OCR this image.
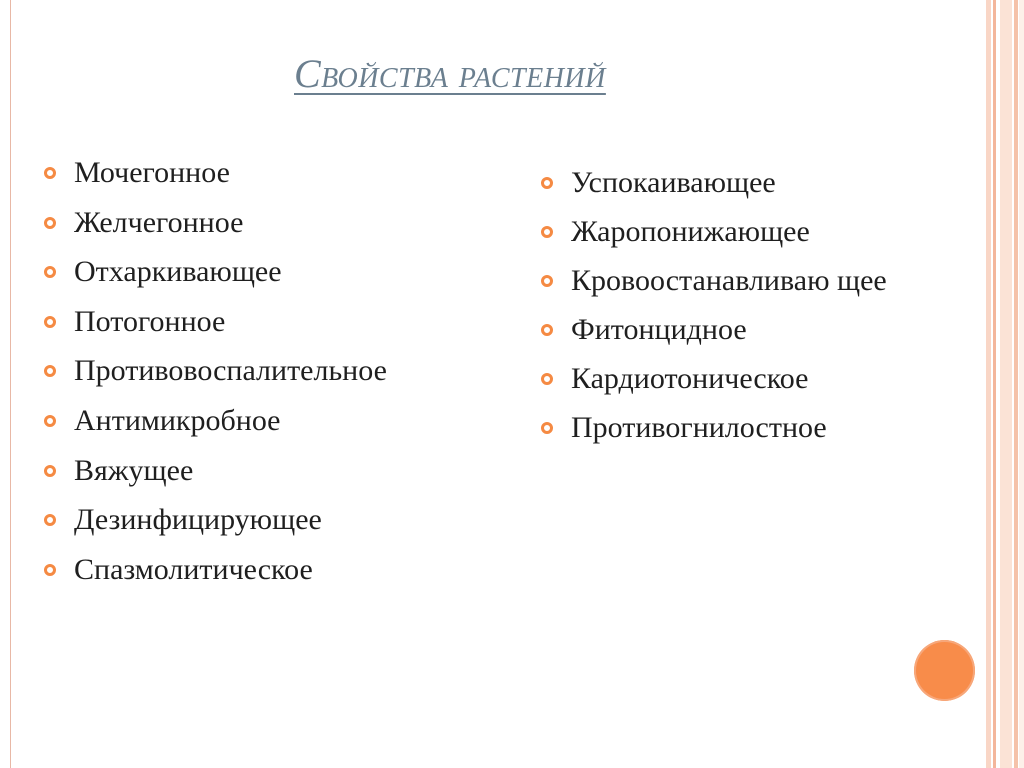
Свойства растений
Мочегонное
Желчегонное
Отхаркивающее
Потогонное
Противовоспалительное
Антимикробное
Вяжущее
Дезинфицирующее
Спазмолитическое
Успокаивающее
Жаропонижающее
Кровоостанавливаю щее
Фитонцидное
Кардиотоническое
Противогнилостное
